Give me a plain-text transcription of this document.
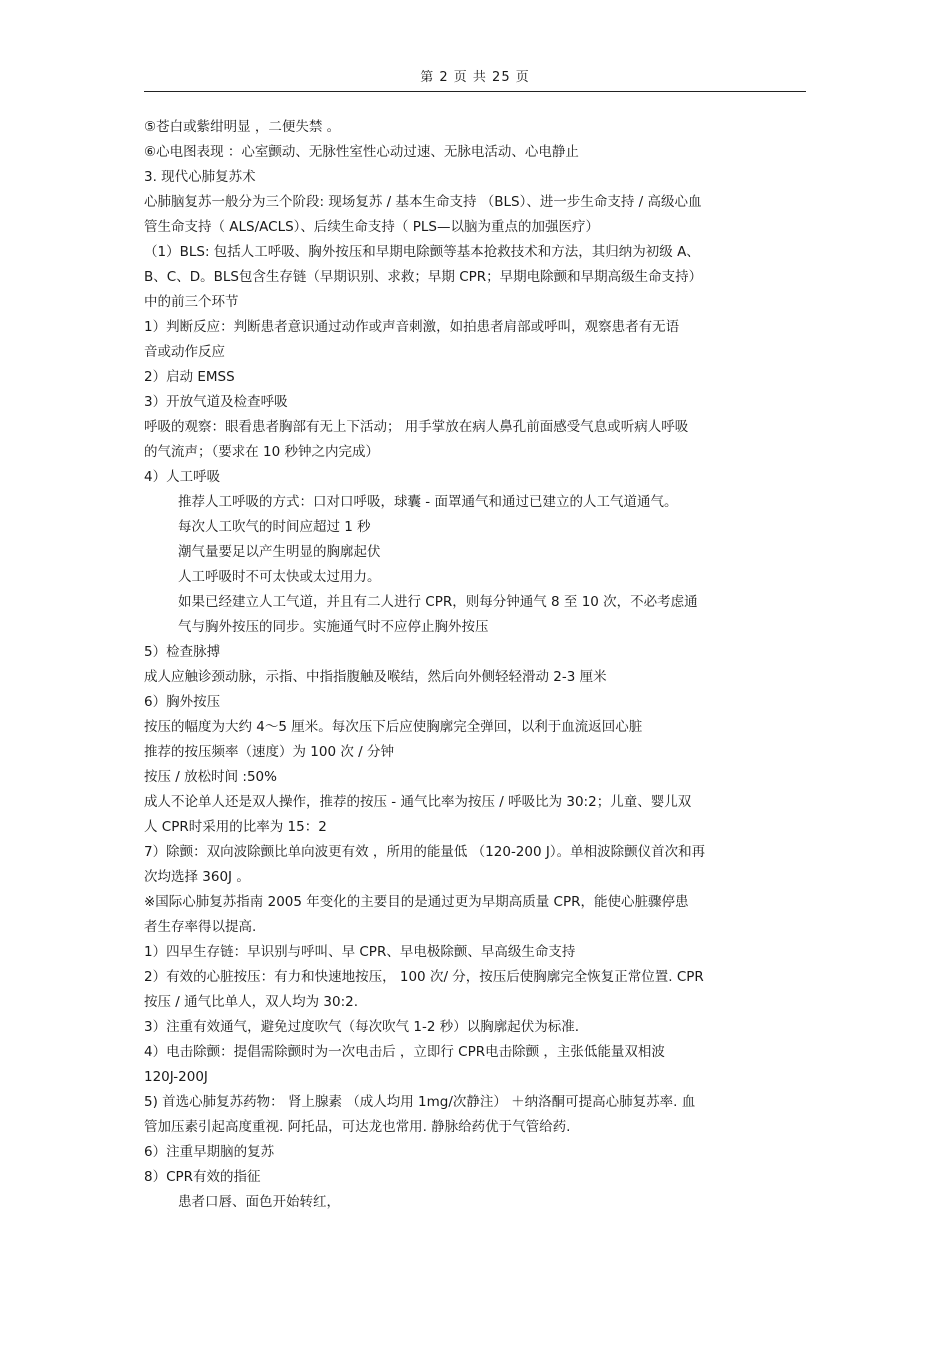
第 2 页 共 25 页
⑤苍白或紫绀明显 ，二便失禁 。
⑥心电图表现 ：心室颤动、无脉性室性心动过速、无脉电活动、心电静止
3. 现代心肺复苏术
心肺脑复苏一般分为三个阶段: 现场复苏 / 基本生命支持 （BLS）、进一步生命支持 / 高级心血
管生命支持（ ALS/ACLS）、后续生命支持（ PLS—以脑为重点的加强医疗）
（1）BLS: 包括人工呼吸、胸外按压和早期电除颤等基本抢救技术和方法，其归纳为初级 A、
B、C、D。BLS包含生存链（早期识别、求救；早期 CPR；早期电除颤和早期高级生命支持）
中的前三个环节
1）判断反应：判断患者意识通过动作或声音刺激，如拍患者肩部或呼叫，观察患者有无语
音或动作反应
2）启动 EMSS
3）开放气道及检查呼吸
呼吸的观察：眼看患者胸部有无上下活动； 用手掌放在病人鼻孔前面感受气息或听病人呼吸
的气流声；（要求在 10 秒钟之内完成）
4）人工呼吸
推荐人工呼吸的方式：口对口呼吸，球囊 - 面罩通气和通过已建立的人工气道通气。
每次人工吹气的时间应超过 1 秒
潮气量要足以产生明显的胸廓起伏
人工呼吸时不可太快或太过用力。
如果已经建立人工气道，并且有二人进行 CPR，则每分钟通气 8 至 10 次，不必考虑通
气与胸外按压的同步。实施通气时不应停止胸外按压
5）检查脉搏
成人应触诊颈动脉，示指、中指指腹触及喉结，然后向外侧轻轻滑动 2-3 厘米
6）胸外按压
按压的幅度为大约 4～5 厘米。每次压下后应使胸廓完全弹回，以利于血流返回心脏
推荐的按压频率（速度）为 100 次 / 分钟
按压 / 放松时间 :50%
成人不论单人还是双人操作，推荐的按压 - 通气比率为按压 / 呼吸比为 30:2；儿童、婴儿双
人 CPR时采用的比率为 15：2
7）除颤：双向波除颤比单向波更有效 ，所用的能量低 （120-200 J）。单相波除颤仪首次和再
次均选择 360J 。
※国际心肺复苏指南 2005 年变化的主要目的是通过更为早期高质量 CPR，能使心脏骤停患
者生存率得以提高.
1）四早生存链：早识别与呼叫、早 CPR、早电极除颤、早高级生命支持
2）有效的心脏按压：有力和快速地按压， 100 次/ 分，按压后使胸廓完全恢复正常位置. CPR
按压 / 通气比单人，双人均为 30:2.
3）注重有效通气，避免过度吹气（每次吹气 1-2 秒）以胸廓起伏为标准.
4）电击除颤：提倡需除颤时为一次电击后 ，立即行 CPR电击除颤 ，主张低能量双相波
120J-200J
5) 首选心肺复苏药物： 肾上腺素 （成人均用 1mg/次静注） ＋纳洛酮可提高心肺复苏率. 血
管加压素引起高度重视. 阿托品，可达龙也常用. 静脉给药优于气管给药.
6）注重早期脑的复苏
8）CPR有效的指征
患者口唇、面色开始转红，
